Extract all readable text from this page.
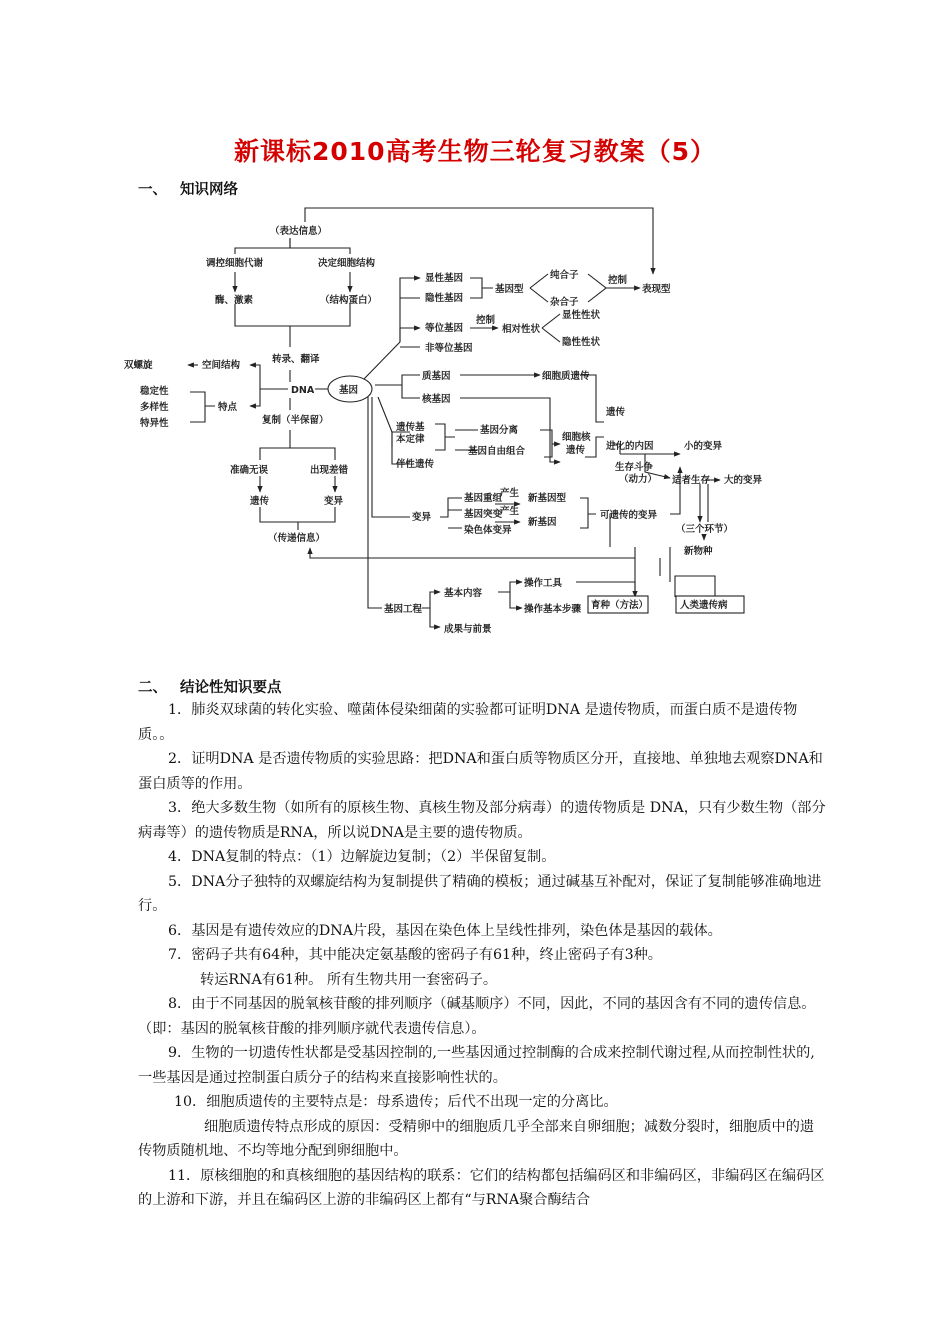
新课标2010高考生物三轮复习教案（5）
一、 知识网络
（表达信息）
调控细胞代谢	决定细胞结构
酶、激素	（结构蛋白）
转录、翻译
双螺旋	空间结构
稳定性
多样性
特异性
特点
DNA	基因
复制（半保留）
准确无误	出现差错
遗传	变异
（传递信息）
显性基因
隐性基因
基因型
纯合子
杂合子
控制
表现型
等位基因
控制
相对性状
显性性状
隐性性状
非等位基因
质基因	细胞质遗传
核基因
遗传基
本定律
基因分离
基因自由组合
伴性遗传
细胞核
遗传
遗传
进化的内因	小的变异
生存斗争
（动力） 适者生存 大的变异
（三个环节）
新物种
变异
基因重组
基因突变
染色体变异
产生
产生
新基因型
新基因
可遗传的变异
基因工程
基本内容
操作工具
操作基本步骤
成果与前景
育种（方法）	人类遗传病
二、 结论性知识要点

1．肺炎双球菌的转化实验、噬菌体侵染细菌的实验都可证明DNA 是遗传物质，而蛋白质不是遗传物质。。

2．证明DNA 是否遗传物质的实验思路：把DNA和蛋白质等物质区分开，直接地、单独地去观察DNA和蛋白质等的作用。

3．绝大多数生物（如所有的原核生物、真核生物及部分病毒）的遗传物质是 DNA，只有少数生物（部分病毒等）的遗传物质是RNA，所以说DNA是主要的遗传物质。

4．DNA复制的特点：（1）边解旋边复制；（2）半保留复制。

5．DNA分子独特的双螺旋结构为复制提供了精确的模板；通过碱基互补配对，保证了复制能够准确地进行。

6．基因是有遗传效应的DNA片段，基因在染色体上呈线性排列，染色体是基因的载体。

7．密码子共有64种，其中能决定氨基酸的密码子有61种，终止密码子有3种。

转运RNA有61种。 所有生物共用一套密码子。

8．由于不同基因的脱氧核苷酸的排列顺序（碱基顺序）不同，因此，不同的基因含有不同的遗传信息。（即：基因的脱氧核苷酸的排列顺序就代表遗传信息）。

9．生物的一切遗传性状都是受基因控制的,一些基因通过控制酶的合成来控制代谢过程,从而控制性状的,一些基因是通过控制蛋白质分子的结构来直接影响性状的。

10．细胞质遗传的主要特点是：母系遗传；后代不出现一定的分离比。

细胞质遗传特点形成的原因：受精卵中的细胞质几乎全部来自卵细胞；减数分裂时，细胞质中的遗传物质随机地、不均等地分配到卵细胞中。

11．原核细胞的和真核细胞的基因结构的联系：它们的结构都包括编码区和非编码区，非编码区在编码区的上游和下游，并且在编码区上游的非编码区上都有“与RNA聚合酶结合
